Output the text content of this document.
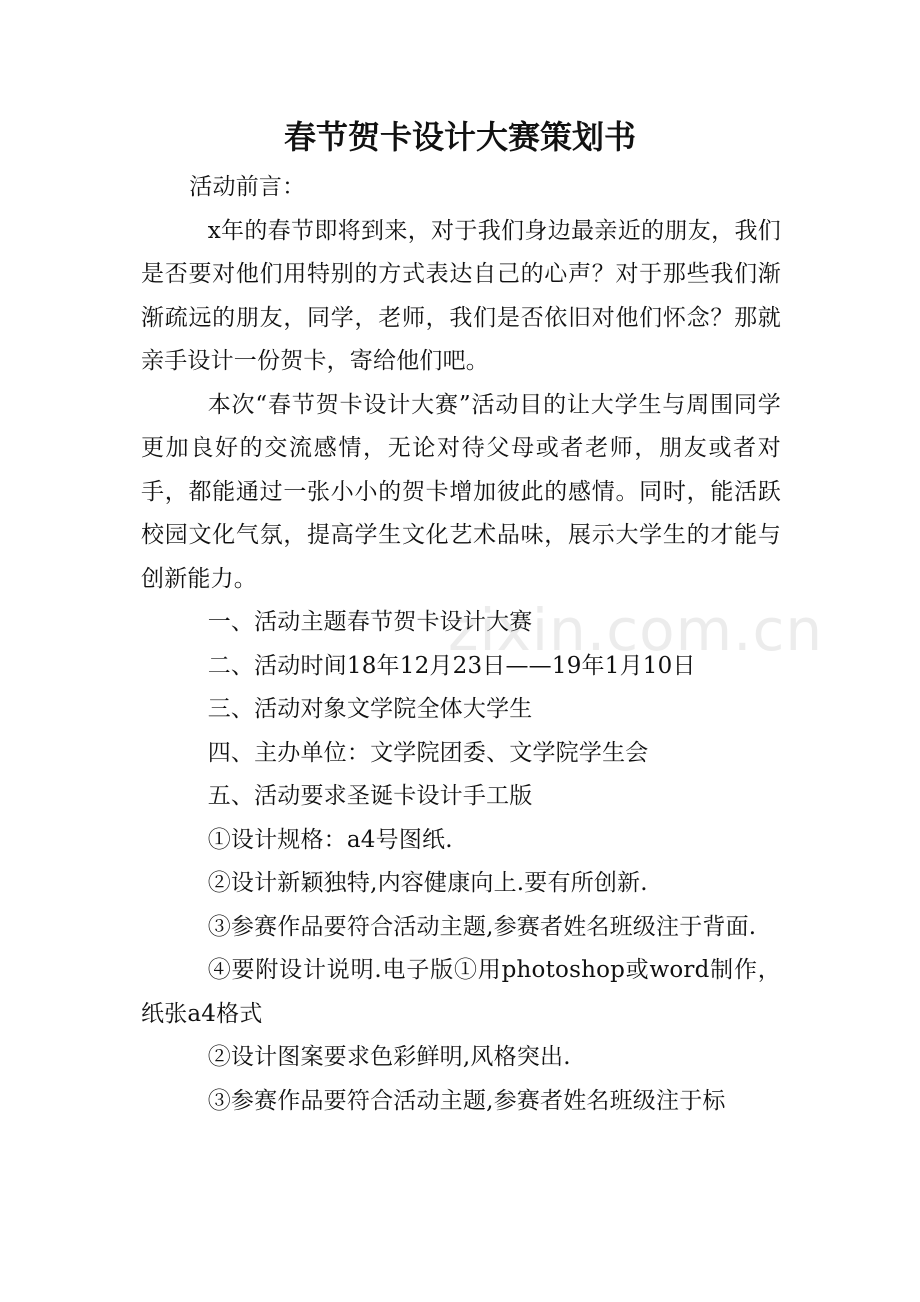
春节贺卡设计大赛策划书

活动前言：

x年的春节即将到来，对于我们身边最亲近的朋友，我们是否要对他们用特别的方式表达自己的心声？对于那些我们渐渐疏远的朋友，同学，老师，我们是否依旧对他们怀念？那就亲手设计一份贺卡，寄给他们吧。

本次“春节贺卡设计大赛”活动目的让大学生与周围同学更加良好的交流感情，无论对待父母或者老师，朋友或者对手，都能通过一张小小的贺卡增加彼此的感情。同时，能活跃校园文化气氛，提高学生文化艺术品味，展示大学生的才能与创新能力。

一、活动主题春节贺卡设计大赛

二、活动时间18年12月23日——19年1月10日

三、活动对象文学院全体大学生

四、主办单位：文学院团委、文学院学生会

五、活动要求圣诞卡设计手工版

①设计规格：a4号图纸.

②设计新颖独特,内容健康向上.要有所创新.

③参赛作品要符合活动主题,参赛者姓名班级注于背面.

④要附设计说明.电子版①用photoshop或word制作，纸张a4格式

②设计图案要求色彩鲜明,风格突出.

③参赛作品要符合活动主题,参赛者姓名班级注于标

zixin.com.cn
